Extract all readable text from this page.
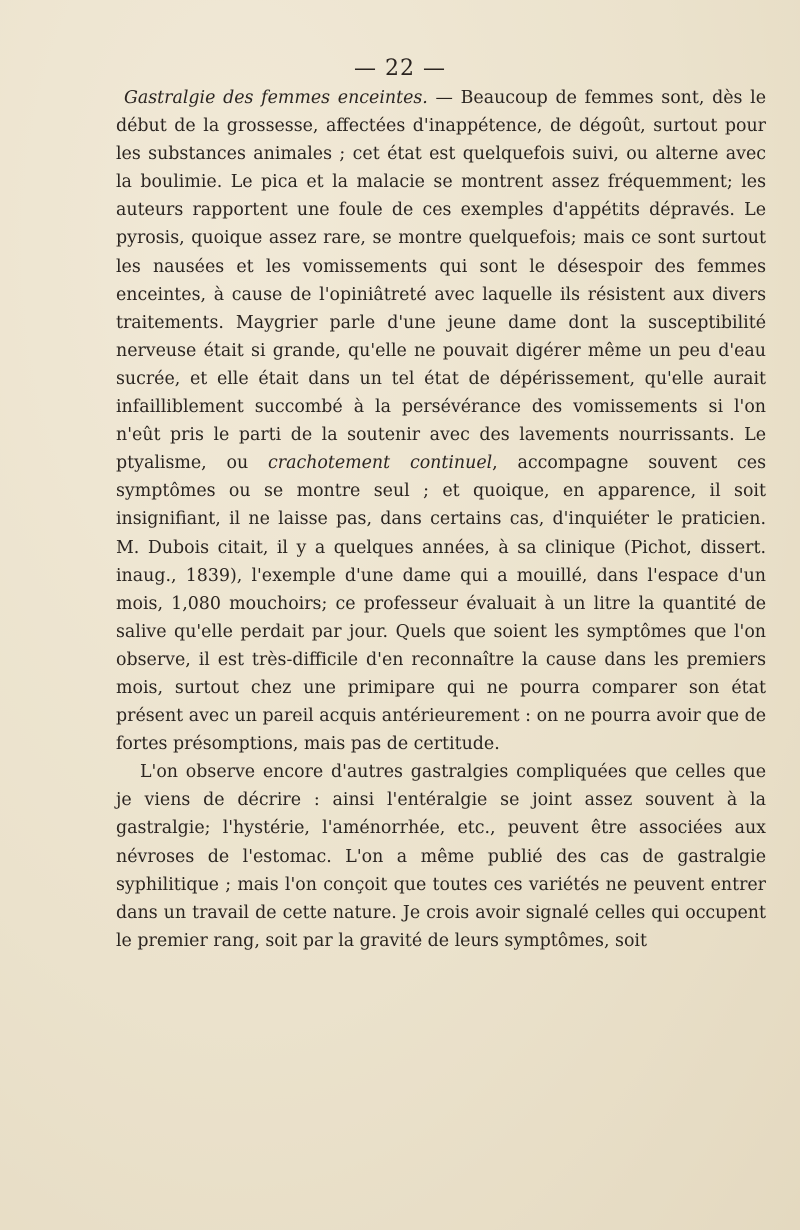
— 22 —

Gastralgie des femmes enceintes. — Beaucoup de femmes sont, dès le début de la grossesse, affectées d'inappétence, de dégoût, surtout pour les substances animales ; cet état est quelquefois suivi, ou alterne avec la boulimie. Le pica et la malacie se montrent assez fréquemment; les auteurs rapportent une foule de ces exemples d'appétits dépravés. Le pyrosis, quoique assez rare, se montre quelquefois; mais ce sont surtout les nausées et les vomissements qui sont le désespoir des femmes enceintes, à cause de l'opiniâtreté avec laquelle ils résistent aux divers traitements. Maygrier parle d'une jeune dame dont la susceptibilité nerveuse était si grande, qu'elle ne pouvait digérer même un peu d'eau sucrée, et elle était dans un tel état de dépérissement, qu'elle aurait infailliblement succombé à la persévérance des vomissements si l'on n'eût pris le parti de la soutenir avec des lavements nourrissants. Le ptyalisme, ou crachotement continuel, accompagne souvent ces symptômes ou se montre seul ; et quoique, en apparence, il soit insignifiant, il ne laisse pas, dans certains cas, d'inquiéter le praticien. M. Dubois citait, il y a quelques années, à sa clinique (Pichot, dissert. inaug., 1839), l'exemple d'une dame qui a mouillé, dans l'espace d'un mois, 1,080 mouchoirs; ce professeur évaluait à un litre la quantité de salive qu'elle perdait par jour. Quels que soient les symptômes que l'on observe, il est très-difficile d'en reconnaître la cause dans les premiers mois, surtout chez une primipare qui ne pourra comparer son état présent avec un pareil acquis antérieurement : on ne pourra avoir que de fortes présomptions, mais pas de certitude.

L'on observe encore d'autres gastralgies compliquées que celles que je viens de décrire : ainsi l'entéralgie se joint assez souvent à la gastralgie; l'hystérie, l'aménorrhée, etc., peuvent être associées aux névroses de l'estomac. L'on a même publié des cas de gastralgie syphilitique ; mais l'on conçoit que toutes ces variétés ne peuvent entrer dans un travail de cette nature. Je crois avoir signalé celles qui occupent le premier rang, soit par la gravité de leurs symptômes, soit
